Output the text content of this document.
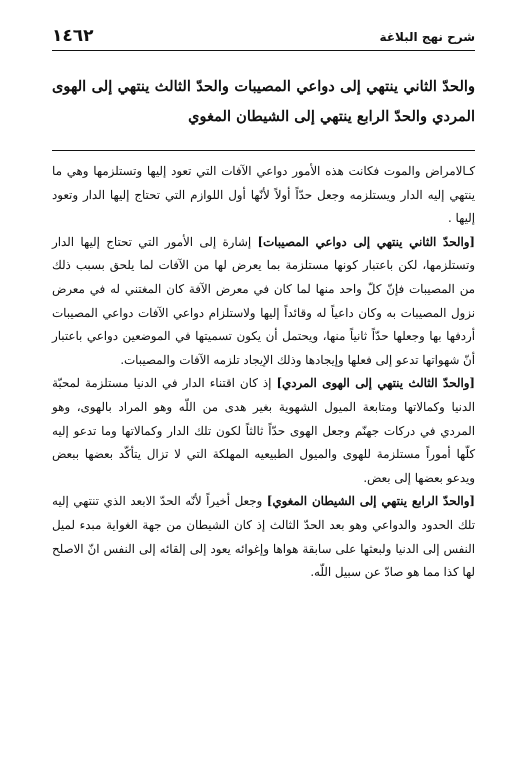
شرح نهج البلاغة
١٤٦٢
والحدّ الثاني ينتهي إلى دواعي المصيبات والحدّ الثالث ينتهي إلى الهوى المردي والحدّ الرابع ينتهي إلى الشيطان المغوي

كـالامراض والموت فكانت هذه الأمور دواعي الآفات التي تعود إليها وتستلزمها وهي ما ينتهي إليه الدار ويستلزمه وجعل حدّاً أولاً لأنّها أول اللوازم التي تحتاج إليها الدار وتعود إليها .

[والحدّ الثاني ينتهي إلى دواعي المصيبات] إشارة إلى الأمور التي تحتاج إليها الدار وتستلزمها، لكن باعتبار كونها مستلزمة بما يعرض لها من الآفات لما يلحق بسبب ذلك من المصيبات فإنّ كلّ واحد منها لما كان في معرض الآفة كان المغتني له في معرض نزول المصيبات به وكان داعياً له وقائداً إليها ولاستلزام دواعي الآفات دواعي المصيبات أردفها بها وجعلها حدّاً ثانياً منها، ويحتمل أن يكون تسميتها في الموضعين دواعي باعتبار أنّ شهواتها تدعو إلى فعلها وإيجادها وذلك الإيجاد تلزمه الآفات والمصيبات.

[والحدّ الثالث ينتهي إلى الهوى المردي] إذ كان اقتناء الدار في الدنيا مستلزمة لمحبّة الدنيا وكمالاتها ومتابعة الميول الشهوية بغير هدى من اللّه وهو المراد بالهوى، وهو المردي في دركات جهنّم وجعل الهوى حدّاً ثالثاً لكون تلك الدار وكمالاتها وما تدعو إليه كلّها أموراً مستلزمة للهوى والميول الطبيعيه المهلكة التي لا تزال يتأكّد بعضها ببعض ويدعو بعضها إلى بعض.

[والحدّ الرابع ينتهي إلى الشيطان المغوي] وجعل أخيراً لأنّه الحدّ الابعد الذي تنتهي إليه تلك الحدود والدواعي وهو بعد الحدّ الثالث إذ كان الشيطان من جهة الغواية مبدء لميل النفس إلى الدنيا ولبعثها على سابقة هواها وإغوائه يعود إلى إلقائه إلى النفس انّ الاصلح لها كذا مما هو صادّ عن سبيل اللّه.
